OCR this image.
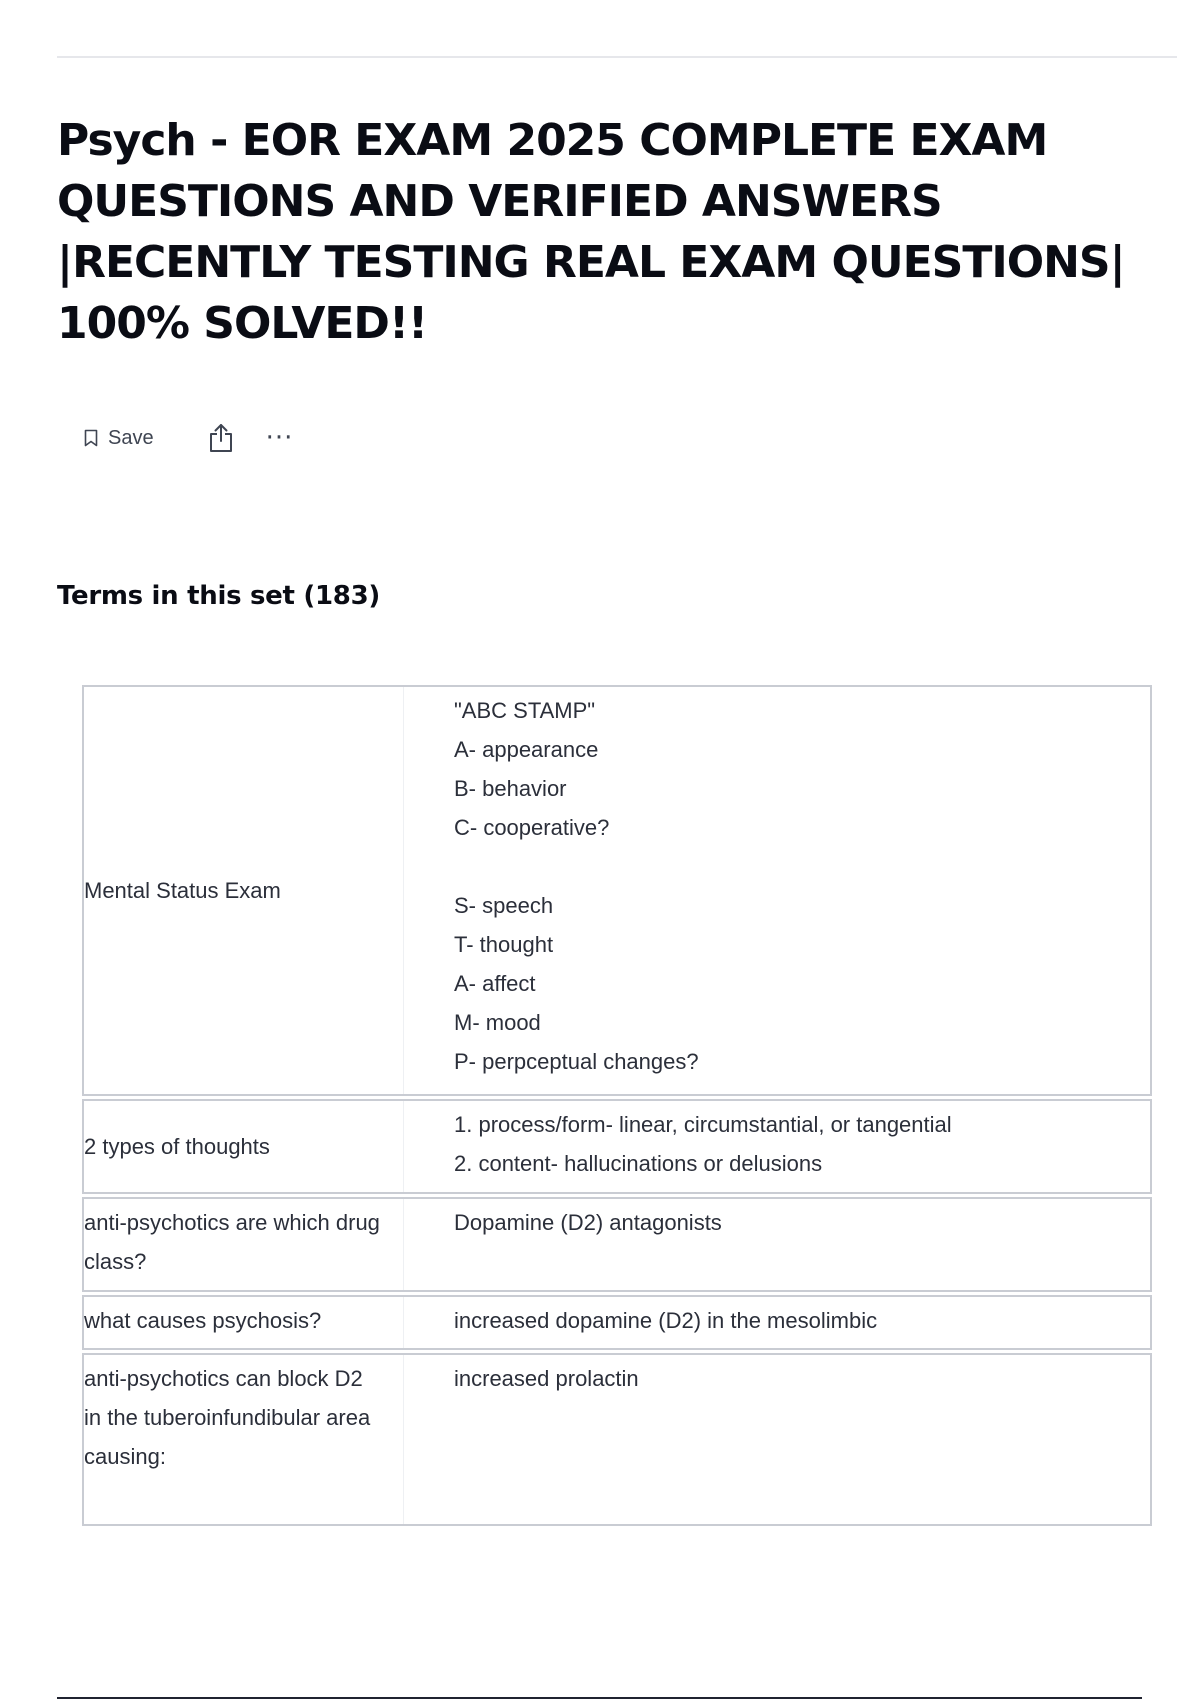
Psych - EOR EXAM 2025 COMPLETE EXAM QUESTIONS AND VERIFIED ANSWERS |RECENTLY TESTING REAL EXAM QUESTIONS| 100% SOLVED!!
Save	···
Terms in this set (183)
Mental Status Exam
"ABC STAMP"
A- appearance
B- behavior
C- cooperative?
S- speech
T- thought
A- affect
M- mood
P- perpceptual changes?
2 types of thoughts
1. process/form- linear, circumstantial, or tangential
2. content- hallucinations or delusions
anti-psychotics are which drug class?
Dopamine (D2) antagonists
what causes psychosis?	increased dopamine (D2) in the mesolimbic
anti-psychotics can block D2 in the tuberoinfundibular area causing:
increased prolactin
